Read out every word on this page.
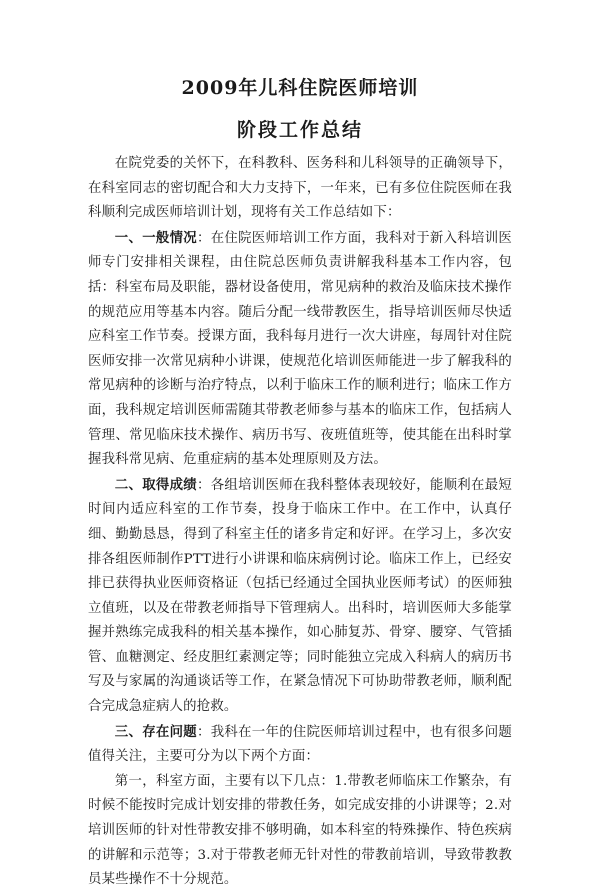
2009年儿科住院医师培训
阶段工作总结

在院党委的关怀下，在科教科、医务科和儿科领导的正确领导下，在科室同志的密切配合和大力支持下，一年来，已有多位住院医师在我科顺利完成医师培训计划，现将有关工作总结如下：

一、一般情况：在住院医师培训工作方面，我科对于新入科培训医师专门安排相关课程，由住院总医师负责讲解我科基本工作内容，包括：科室布局及职能，器材设备使用，常见病种的救治及临床技术操作的规范应用等基本内容。随后分配一线带教医生，指导培训医师尽快适应科室工作节奏。授课方面，我科每月进行一次大讲座，每周针对住院医师安排一次常见病种小讲课，使规范化培训医师能进一步了解我科的常见病种的诊断与治疗特点，以利于临床工作的顺利进行；临床工作方面，我科规定培训医师需随其带教老师参与基本的临床工作，包括病人管理、常见临床技术操作、病历书写、夜班值班等，使其能在出科时掌握我科常见病、危重症病的基本处理原则及方法。

二、取得成绩：各组培训医师在我科整体表现较好，能顺利在最短时间内适应科室的工作节奏，投身于临床工作中。在工作中，认真仔细、勤勤恳恳，得到了科室主任的诸多肯定和好评。在学习上，多次安排各组医师制作PTT进行小讲课和临床病例讨论。临床工作上，已经安排已获得执业医师资格证（包括已经通过全国执业医师考试）的医师独立值班，以及在带教老师指导下管理病人。出科时，培训医师大多能掌握并熟练完成我科的相关基本操作，如心肺复苏、骨穿、腰穿、气管插管、血糖测定、经皮胆红素测定等；同时能独立完成入科病人的病历书写及与家属的沟通谈话等工作，在紧急情况下可协助带教老师，顺利配合完成急症病人的抢救。

三、存在问题：我科在一年的住院医师培训过程中，也有很多问题值得关注，主要可分为以下两个方面：

第一，科室方面，主要有以下几点：1.带教老师临床工作繁杂，有时候不能按时完成计划安排的带教任务，如完成安排的小讲课等；2.对培训医师的针对性带教安排不够明确，如本科室的特殊操作、特色疾病的讲解和示范等；3.对于带教老师无针对性的带教前培训，导致带教教员某些操作不十分规范。
